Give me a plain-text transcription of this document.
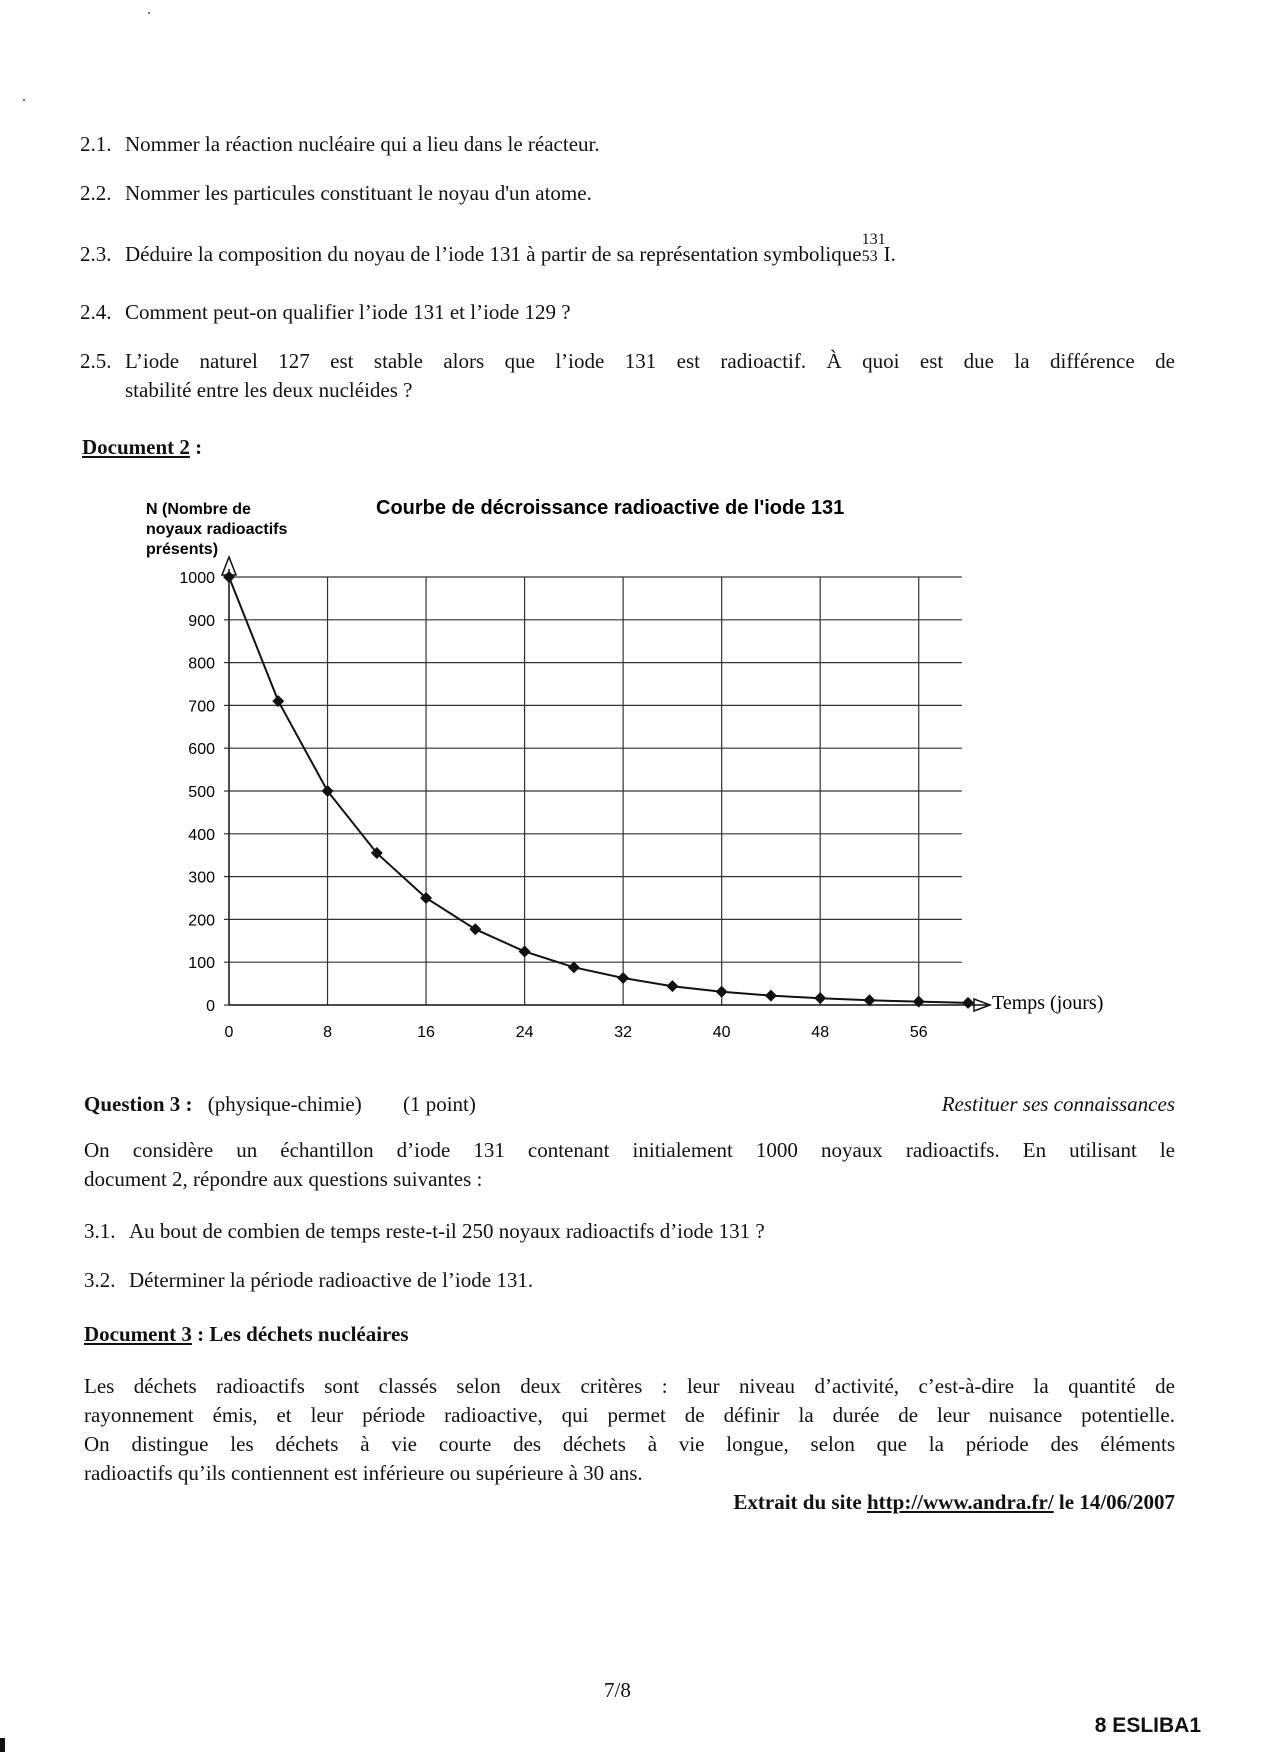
2.1. Nommer la réaction nucléaire qui a lieu dans le réacteur.
2.2. Nommer les particules constituant le noyau d'un atome.
2.3. Déduire la composition du noyau de l’iode 131 à partir de sa représentation symbolique
131
53 I.
2.4. Comment peut-on qualifier l’iode 131 et l’iode 129 ?
2.5. L’iode naturel 127 est stable alors que l’iode 131 est radioactif. À quoi est due la différence de
stabilité entre les deux nucléides ?
Document 2 :
N (Nombre de
noyaux radioactifs
présents)
Courbe de décroissance radioactive de l'iode 131
0
100
200
300
400
500
600
700
800
900
1000
0	8	16	24	32	40	48	56
Temps (jours)
Question 3 : (physique-chimie) (1 point)	Restituer ses connaissances
On considère un échantillon d’iode 131 contenant initialement 1000 noyaux radioactifs. En utilisant le
document 2, répondre aux questions suivantes :
3.1. Au bout de combien de temps reste-t-il 250 noyaux radioactifs d’iode 131 ?
3.2. Déterminer la période radioactive de l’iode 131.
Document 3 : Les déchets nucléaires
Les déchets radioactifs sont classés selon deux critères : leur niveau d’activité, c’est-à-dire la quantité de
rayonnement émis, et leur période radioactive, qui permet de définir la durée de leur nuisance potentielle.
On distingue les déchets à vie courte des déchets à vie longue, selon que la période des éléments
radioactifs qu’ils contiennent est inférieure ou supérieure à 30 ans.
Extrait du site http://www.andra.fr/ le 14/06/2007
7/8
8 ESLIBA1
